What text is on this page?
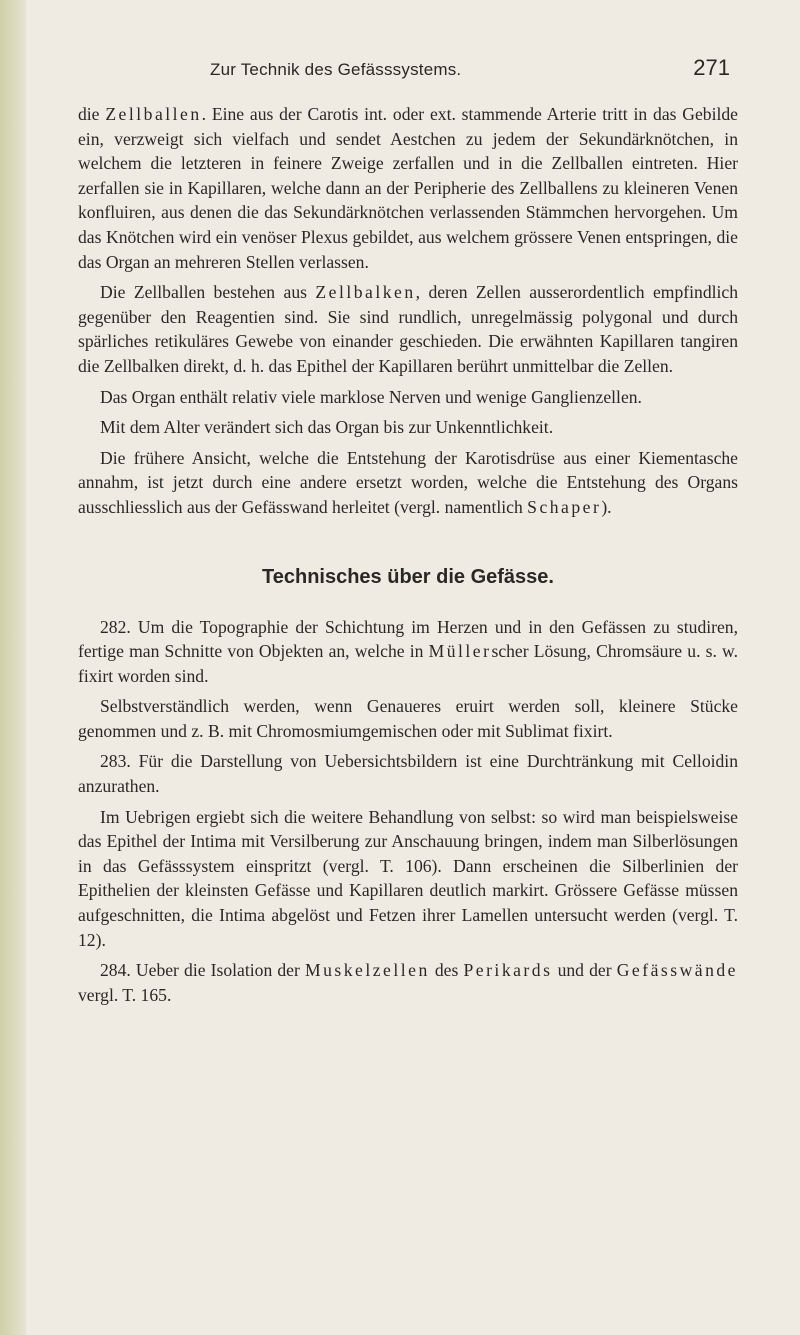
Zur Technik des Gefässsystems.	271

die Zellballen. Eine aus der Carotis int. oder ext. stammende Arterie tritt in das Gebilde ein, verzweigt sich vielfach und sendet Aestchen zu jedem der Sekundärknötchen, in welchem die letzteren in feinere Zweige zerfallen und in die Zellballen eintreten. Hier zerfallen sie in Kapillaren, welche dann an der Peripherie des Zellballens zu kleineren Venen konfluiren, aus denen die das Sekundärknötchen verlassenden Stämmchen hervorgehen. Um das Knötchen wird ein venöser Plexus gebildet, aus welchem grössere Venen entspringen, die das Organ an mehreren Stellen verlassen.

Die Zellballen bestehen aus Zellbalken, deren Zellen ausserordentlich empfindlich gegenüber den Reagentien sind. Sie sind rundlich, unregelmässig polygonal und durch spärliches retikuläres Gewebe von einander geschieden. Die erwähnten Kapillaren tangiren die Zellbalken direkt, d. h. das Epithel der Kapillaren berührt unmittelbar die Zellen.

Das Organ enthält relativ viele marklose Nerven und wenige Ganglienzellen.

Mit dem Alter verändert sich das Organ bis zur Unkenntlichkeit.

Die frühere Ansicht, welche die Entstehung der Karotisdrüse aus einer Kiementasche annahm, ist jetzt durch eine andere ersetzt worden, welche die Entstehung des Organs ausschliesslich aus der Gefässwand herleitet (vergl. namentlich Schaper).

Technisches über die Gefässe.

282. Um die Topographie der Schichtung im Herzen und in den Gefässen zu studiren, fertige man Schnitte von Objekten an, welche in Müllerscher Lösung, Chromsäure u. s. w. fixirt worden sind.

Selbstverständlich werden, wenn Genaueres eruirt werden soll, kleinere Stücke genommen und z. B. mit Chromosmiumgemischen oder mit Sublimat fixirt.

283. Für die Darstellung von Uebersichtsbildern ist eine Durchtränkung mit Celloidin anzurathen.

Im Uebrigen ergiebt sich die weitere Behandlung von selbst: so wird man beispielsweise das Epithel der Intima mit Versilberung zur Anschauung bringen, indem man Silberlösungen in das Gefässsystem einspritzt (vergl. T. 106). Dann erscheinen die Silberlinien der Epithelien der kleinsten Gefässe und Kapillaren deutlich markirt. Grössere Gefässe müssen aufgeschnitten, die Intima abgelöst und Fetzen ihrer Lamellen untersucht werden (vergl. T. 12).

284. Ueber die Isolation der Muskelzellen des Perikards und der Gefässwände vergl. T. 165.
